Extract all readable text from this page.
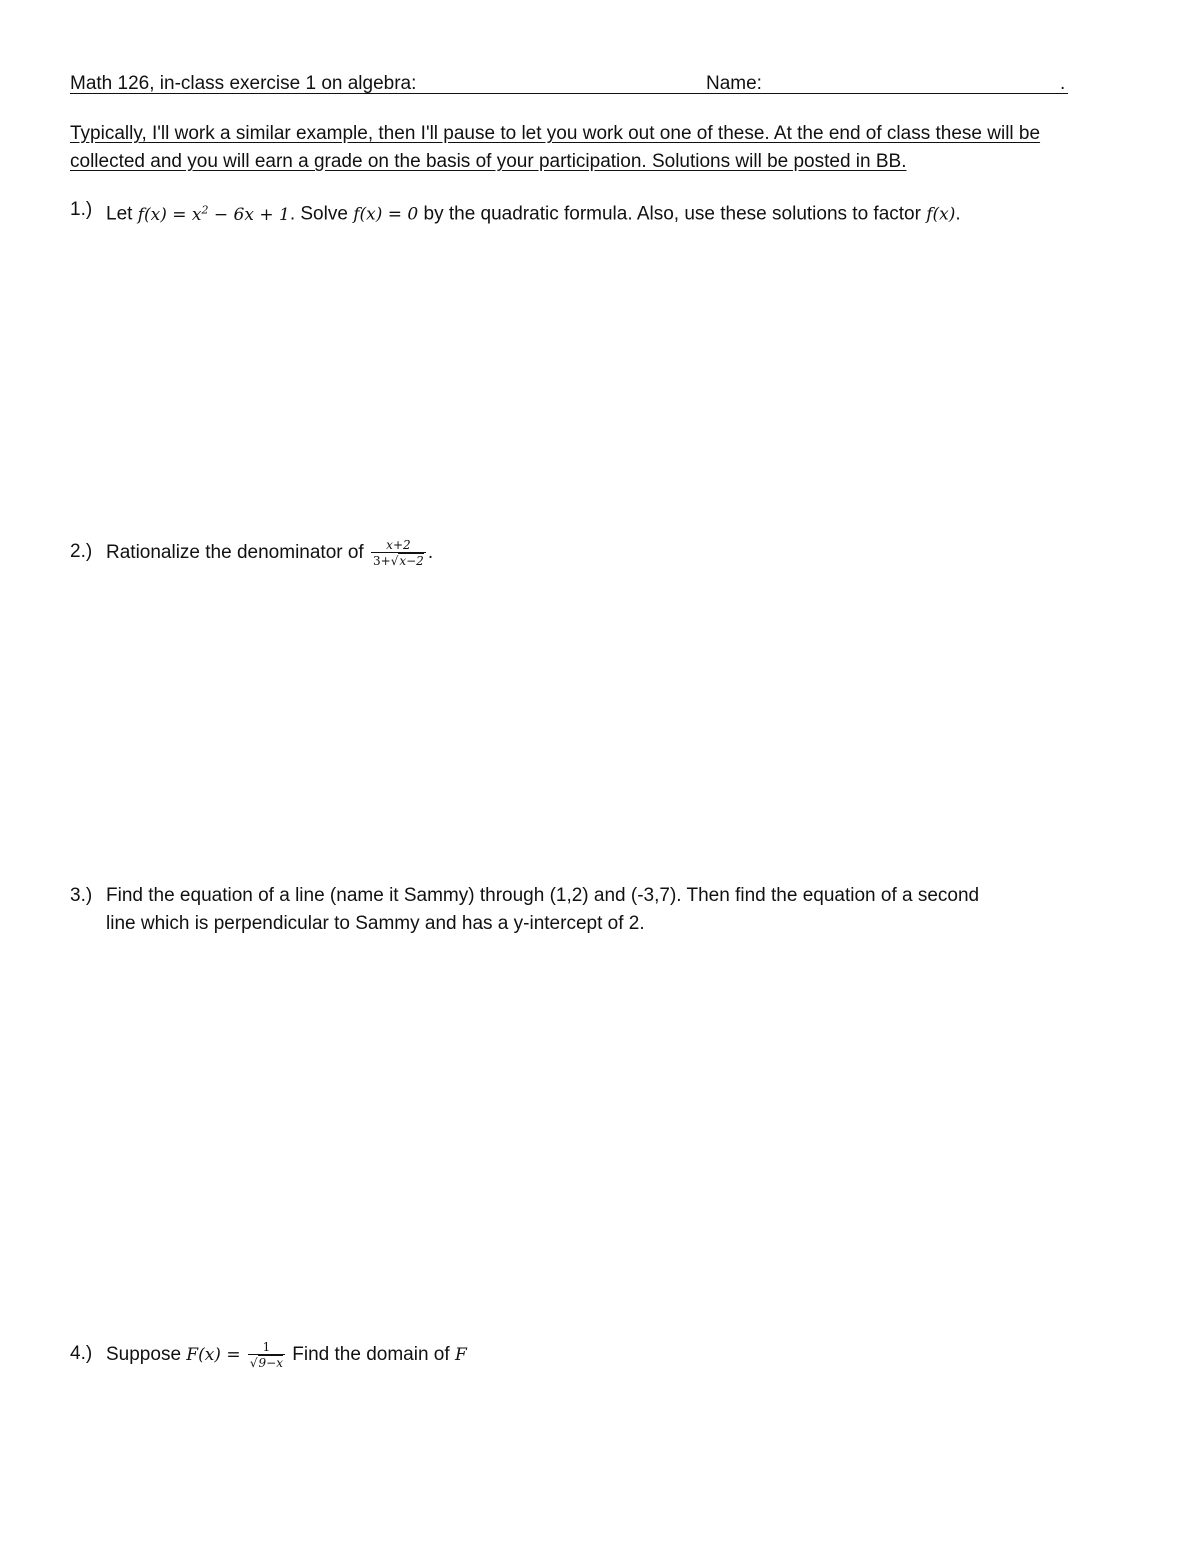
Math 126, in-class exercise 1 on algebra:	Name:	.
Typically, I'll work a similar example, then I'll pause to let you work out one of these. At the end of class these will be collected and you will earn a grade on the basis of your participation. Solutions will be posted in BB.
1.) Let $f(x) = x^2 - 6x + 1$. Solve f(x) = 0 by the quadratic formula. Also, use these solutions to factor f(x).
2.) Rationalize the denominator of $\frac{x+2}{3+√x-2}$ .
3.) Find the equation of a line (name it Sammy) through (1,2) and (-3,7). Then find the equation of a second
line which is perpendicular to Sammy and has a y-intercept of 2.
4.) Suppose $F(x) = \frac{1}{√9-x}$ Find the domain of F
